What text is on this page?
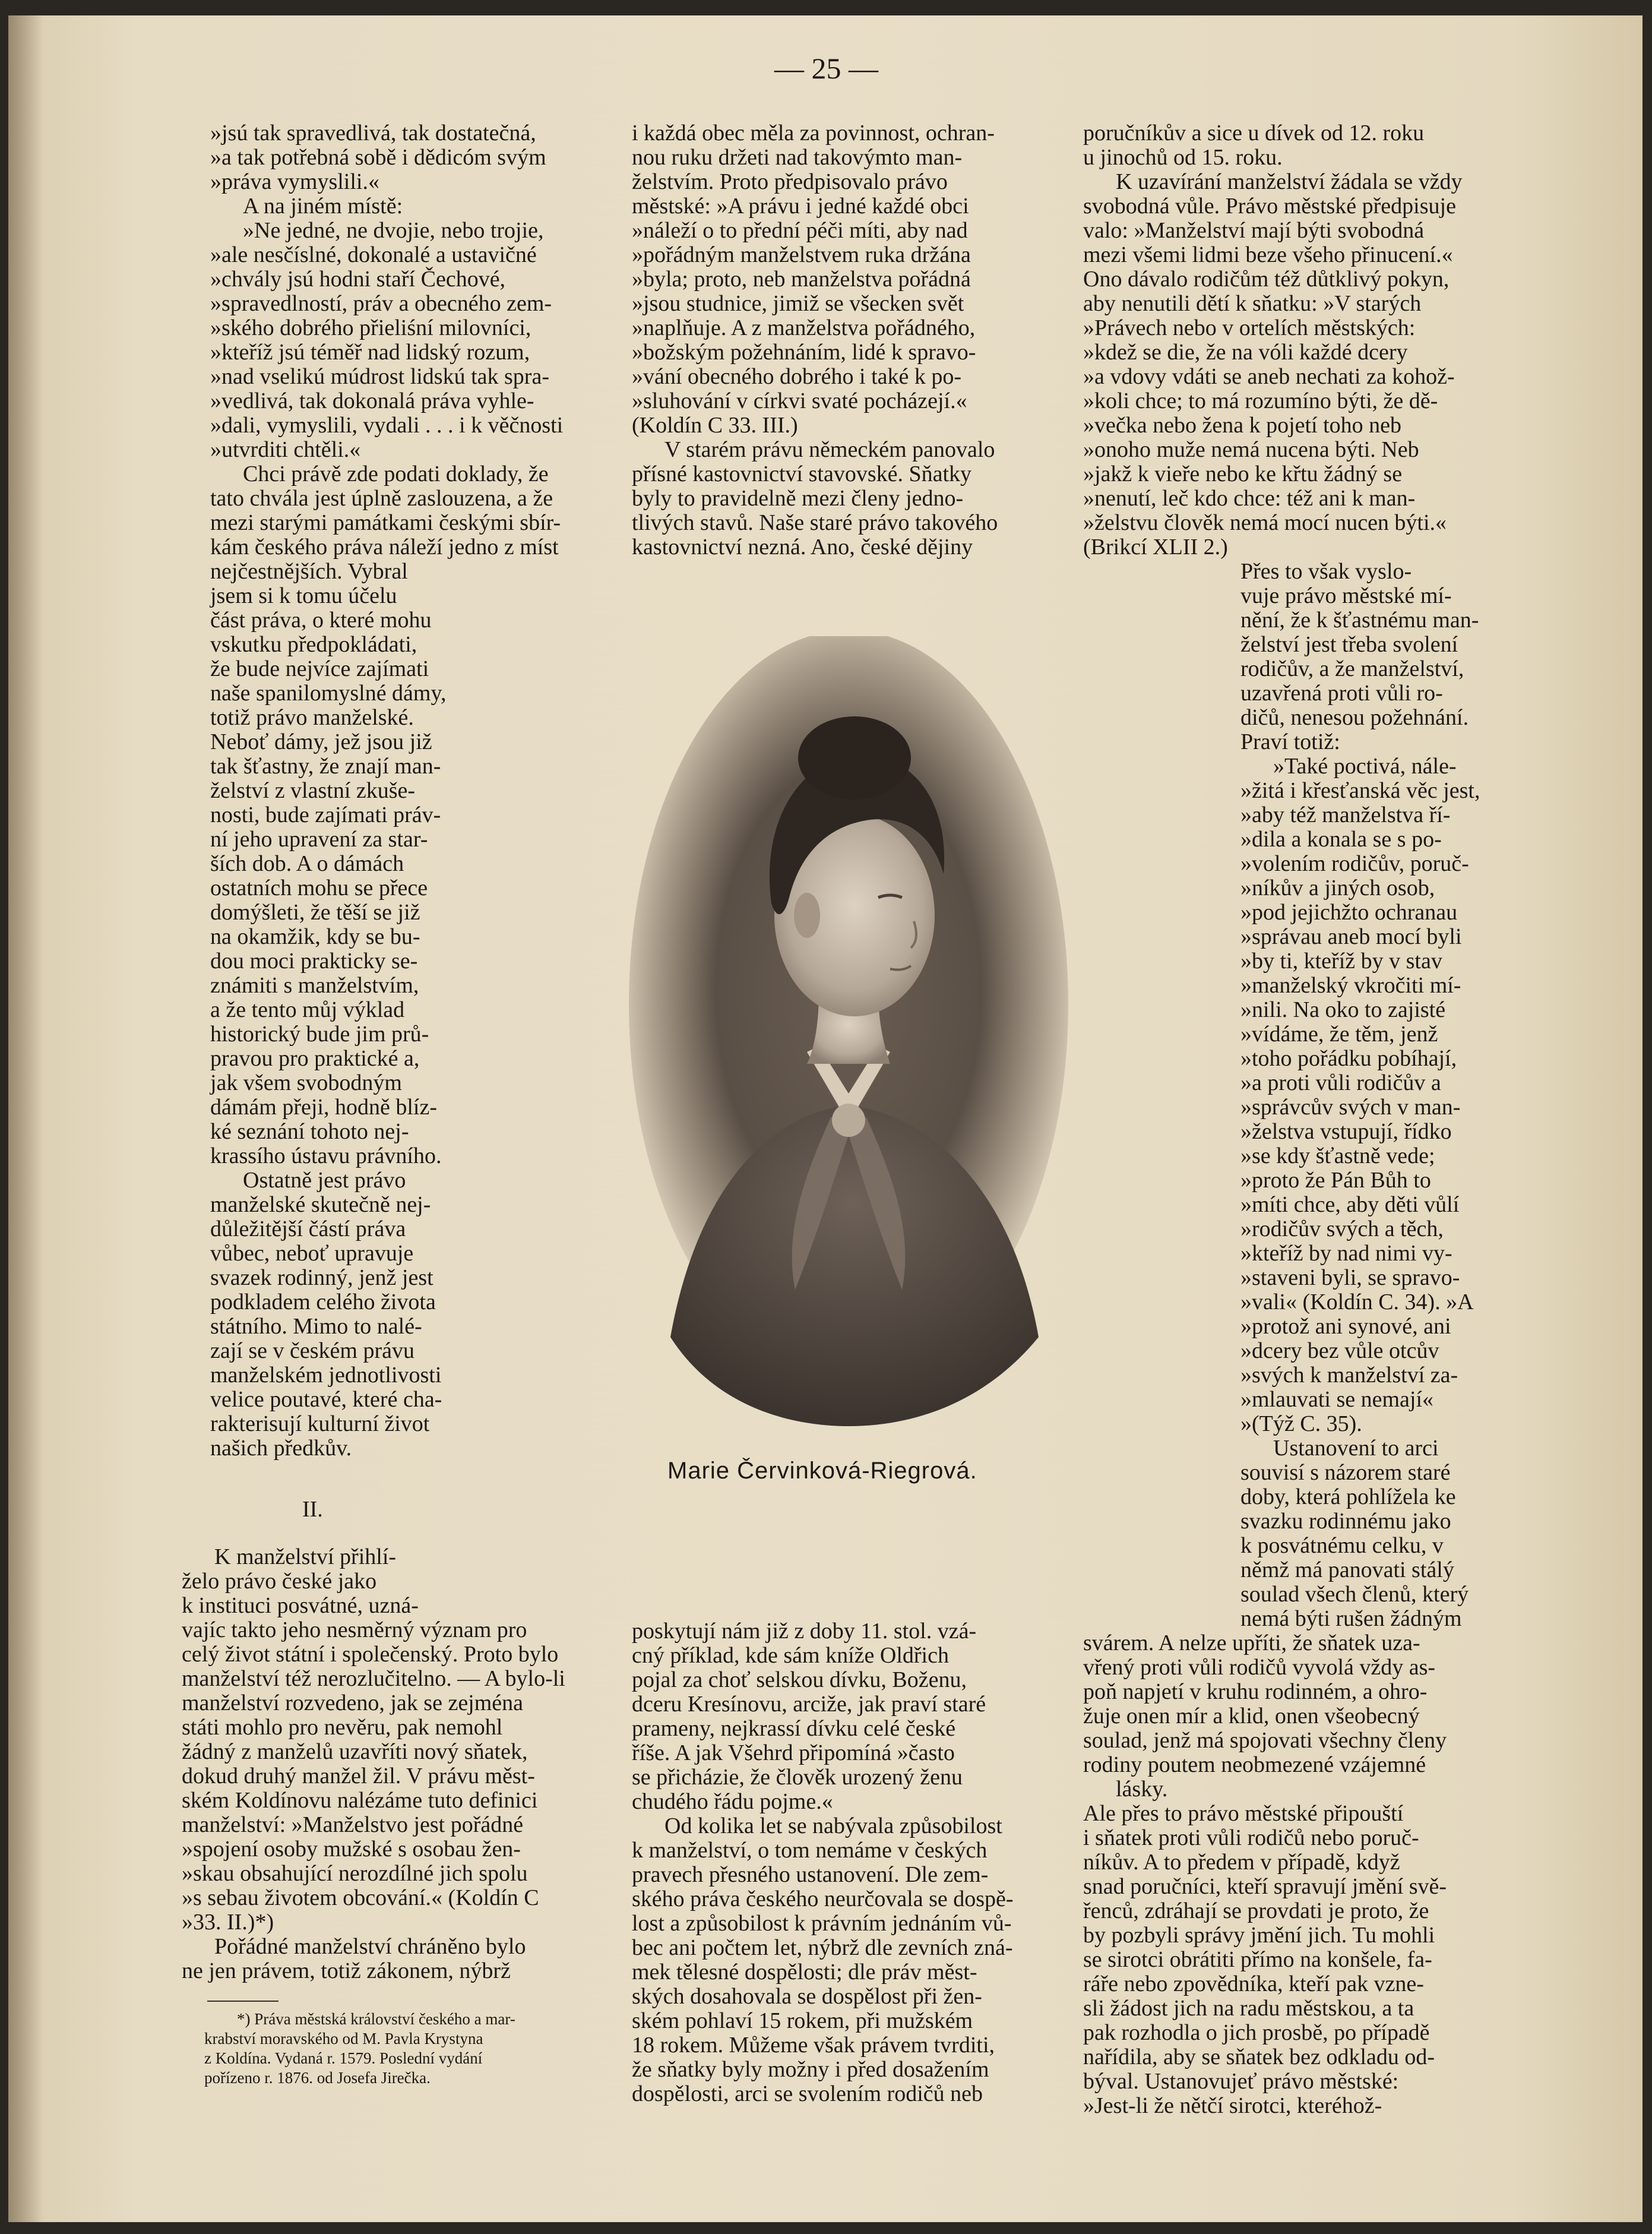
— 25 —
»jsú tak spravedlivá, tak dostatečná,
»a tak potřebná sobě i dědicóm svým
»práva vymyslili.«
A na jiném místě:
»Ne jedné, ne dvojie, nebo trojie,
»ale nesčíslné, dokonalé a ustavičné
»chvály jsú hodni staří Čechové,
»spravedlností, práv a obecného zem-
»ského dobrého přieliśní milovníci,
»kteříž jsú téměř nad lidský rozum,
»nad vselikú múdrost lidskú tak spra-
»vedlivá, tak dokonalá práva vyhle-
»dali, vymyslili, vydali . . . i k věčnosti
»utvrditi chtěli.«
Chci právě zde podati doklady, že
tato chvála jest úplně zaslouzena, a že
mezi starými památkami českými sbír-
kám českého práva náleží jedno z míst
nejčestnějších. Vybral
jsem si k tomu účelu
část práva, o které mohu
vskutku předpokládati,
že bude nejvíce zajímati
naše spanilomyslné dámy,
totiž právo manželské.
Neboť dámy, jež jsou již
tak šťastny, že znají man-
želství z vlastní zkuše-
nosti, bude zajímati práv-
ní jeho upravení za star-
ších dob. A o dámách
ostatních mohu se přece
domýšleti, že těší se již
na okamžik, kdy se bu-
dou moci prakticky se-
známiti s manželstvím,
a že tento můj výklad
historický bude jim prů-
pravou pro praktické a,
jak všem svobodným
dámám přeji, hodně blíz-
ké seznání tohoto nej-
krassího ústavu právního.
Ostatně jest právo
manželské skutečně nej-
důležitější částí práva
vůbec, neboť upravuje
svazek rodinný, jenž jest
podkladem celého života
státního. Mimo to nalé-
zají se v českém právu
manželském jednotlivosti
velice poutavé, které cha-
rakterisují kulturní život
našich předkův.
II.
K manželství přihlí-
želo právo české jako
k instituci posvátné, uzná-
vajíc takto jeho nesměrný význam pro
celý život státní i společenský. Proto bylo
manželství též nerozlučitelno. — A bylo-li
manželství rozvedeno, jak se zejména
státi mohlo pro nevěru, pak nemohl
žádný z manželů uzavříti nový sňatek,
dokud druhý manžel žil. V právu měst-
ském Koldínovu nalézáme tuto definici
manželství: »Manželstvo jest pořádné
»spojení osoby mužské s osobau žen-
»skau obsahující nerozdílné jich spolu
»s sebau životem obcování.« (Koldín C
»33. II.)*)
Pořádné manželství chráněno bylo
ne jen právem, totiž zákonem, nýbrž
*) Práva městská království českého a mar-
krabství moravského od M. Pavla Krystyna
z Koldína. Vydaná r. 1579. Poslední vydání
pořízeno r. 1876. od Josefa Jirečka.
i každá obec měla za povinnost, ochran-
nou ruku držeti nad takovýmto man-
želstvím. Proto předpisovalo právo
městské: »A právu i jedné každé obci
»náleží o to přední péči míti, aby nad
»pořádným manželstvem ruka držána
»byla; proto, neb manželstva pořádná
»jsou studnice, jimiž se všecken svět
»naplňuje. A z manželstva pořádného,
»božským požehnáním, lidé k spravo-
»vání obecného dobrého i také k po-
»sluhování v církvi svaté pocházejí.«
(Koldín C 33. III.)
V starém právu německém panovalo
přísné kastovnictví stavovské. Sňatky
byly to pravidelně mezi členy jedno-
tlivých stavů. Naše staré právo takového
kastovnictví nezná. Ano, české dějiny
Marie Červinková-Riegrová.
poskytují nám již z doby 11. stol. vzá-
cný příklad, kde sám kníže Oldřich
pojal za choť selskou dívku, Boženu,
dceru Kresínovu, arciže, jak praví staré
prameny, nejkrassí dívku celé české
říše. A jak Všehrd připomíná »často
se přicházie, že člověk urozený ženu
chudého řádu pojme.«
Od kolika let se nabývala způsobilost
k manželství, o tom nemáme v českých
pravech přesného ustanovení. Dle zem-
ského práva českého neurčovala se dospě-
lost a způsobilost k právním jednáním vů-
bec ani počtem let, nýbrž dle zevních zná-
mek tělesné dospělosti; dle práv měst-
ských dosahovala se dospělost při žen-
ském pohlaví 15 rokem, při mužském
18 rokem. Můžeme však právem tvrditi,
že sňatky byly možny i před dosažením
dospělosti, arci se svolením rodičů neb
poručníkův a sice u dívek od 12. roku
u jinochů od 15. roku.
K uzavírání manželství žádala se vždy
svobodná vůle. Právo městské předpisuje
valo: »Manželství mají býti svobodná
mezi všemi lidmi beze všeho přinucení.«
Ono dávalo rodičům též důtklivý pokyn,
aby nenutili dětí k sňatku: »V starých
»Právech nebo v ortelích městských:
»kdež se die, že na vóli každé dcery
»a vdovy vdáti se aneb nechati za kohož-
»koli chce; to má rozumíno býti, že dě-
»večka nebo žena k pojetí toho neb
»onoho muže nemá nucena býti. Neb
»jakž k vieře nebo ke křtu žádný se
»nenutí, leč kdo chce: též ani k man-
»želstvu člověk nemá mocí nucen býti.«
(Brikcí XLII 2.)
Přes to však vyslo-
vuje právo městské mí-
nění, že k šťastnému man-
želství jest třeba svolení
rodičův, a že manželství,
uzavřená proti vůli ro-
dičů, nenesou požehnání.
Praví totiž:
»Také poctivá, nále-
»žitá i křesťanská věc jest,
»aby též manželstva ří-
»dila a konala se s po-
»volením rodičův, poruč-
»níkův a jiných osob,
»pod jejichžto ochranau
»správau aneb mocí byli
»by ti, kteříž by v stav
»manželský vkročiti mí-
»nili. Na oko to zajisté
»vídáme, že těm, jenž
»toho pořádku pobíhají,
»a proti vůli rodičův a
»správcův svých v man-
»želstva vstupují, řídko
»se kdy šťastně vede;
»proto že Pán Bůh to
»míti chce, aby děti vůlí
»rodičův svých a těch,
»kteříž by nad nimi vy-
»staveni byli, se spravo-
»vali« (Koldín C. 34). »A
»protož ani synové, ani
»dcery bez vůle otcův
»svých k manželství za-
»mlauvati se nemají«
»(Týž C. 35).
Ustanovení to arci
souvisí s názorem staré
doby, která pohlížela ke
svazku rodinnému jako
k posvátnému celku, v
němž má panovati stálý
soulad všech členů, který
nemá býti rušen žádným
svárem. A nelze upříti, že sňatek uza-
vřený proti vůli rodičů vyvolá vždy as-
poň napjetí v kruhu rodinném, a ohro-
žuje onen mír a klid, onen všeobecný
soulad, jenž má spojovati všechny členy
rodiny poutem neobmezené vzájemné
lásky.
Ale přes to právo městské připouští
i sňatek proti vůli rodičů nebo poruč-
níkův. A to předem v případě, když
snad poručníci, kteří spravují jmění svě-
řenců, zdráhají se provdati je proto, že
by pozbyli správy jmění jich. Tu mohli
se sirotci obrátiti přímo na konšele, fa-
ráře nebo zpovědníka, kteří pak vzne-
sli žádost jich na radu městskou, a ta
pak rozhodla o jich prosbě, po případě
nařídila, aby se sňatek bez odkladu od-
býval. Ustanovujeť právo městské:
»Jest-li že nětčí sirotci, kteréhož-
